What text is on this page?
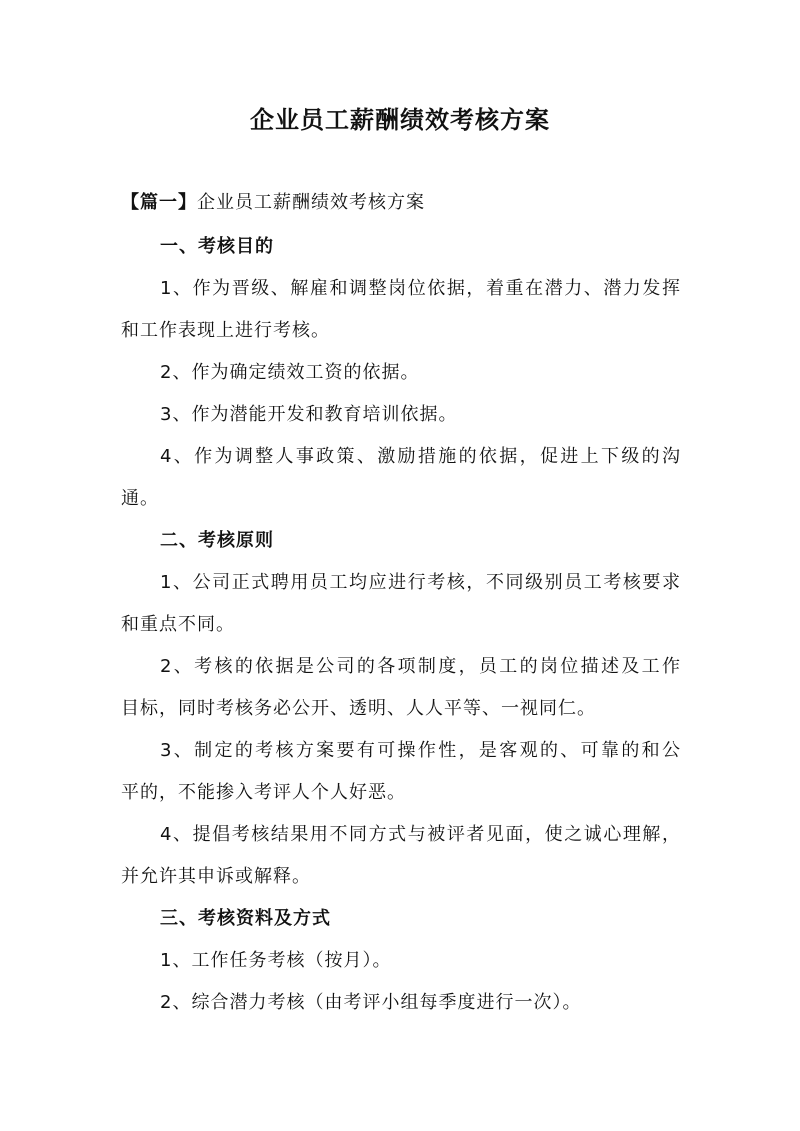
企业员工薪酬绩效考核方案
【篇一】企业员工薪酬绩效考核方案
一、考核目的
1、作为晋级、解雇和调整岗位依据，着重在潜力、潜力发挥
和工作表现上进行考核。
2、作为确定绩效工资的依据。
3、作为潜能开发和教育培训依据。
4、作为调整人事政策、激励措施的依据，促进上下级的沟
通。
二、考核原则
1、公司正式聘用员工均应进行考核，不同级别员工考核要求
和重点不同。
2、考核的依据是公司的各项制度，员工的岗位描述及工作
目标，同时考核务必公开、透明、人人平等、一视同仁。
3、制定的考核方案要有可操作性，是客观的、可靠的和公
平的，不能掺入考评人个人好恶。
4、提倡考核结果用不同方式与被评者见面，使之诚心理解，
并允许其申诉或解释。
三、考核资料及方式
1、工作任务考核（按月）。
2、综合潜力考核（由考评小组每季度进行一次）。
